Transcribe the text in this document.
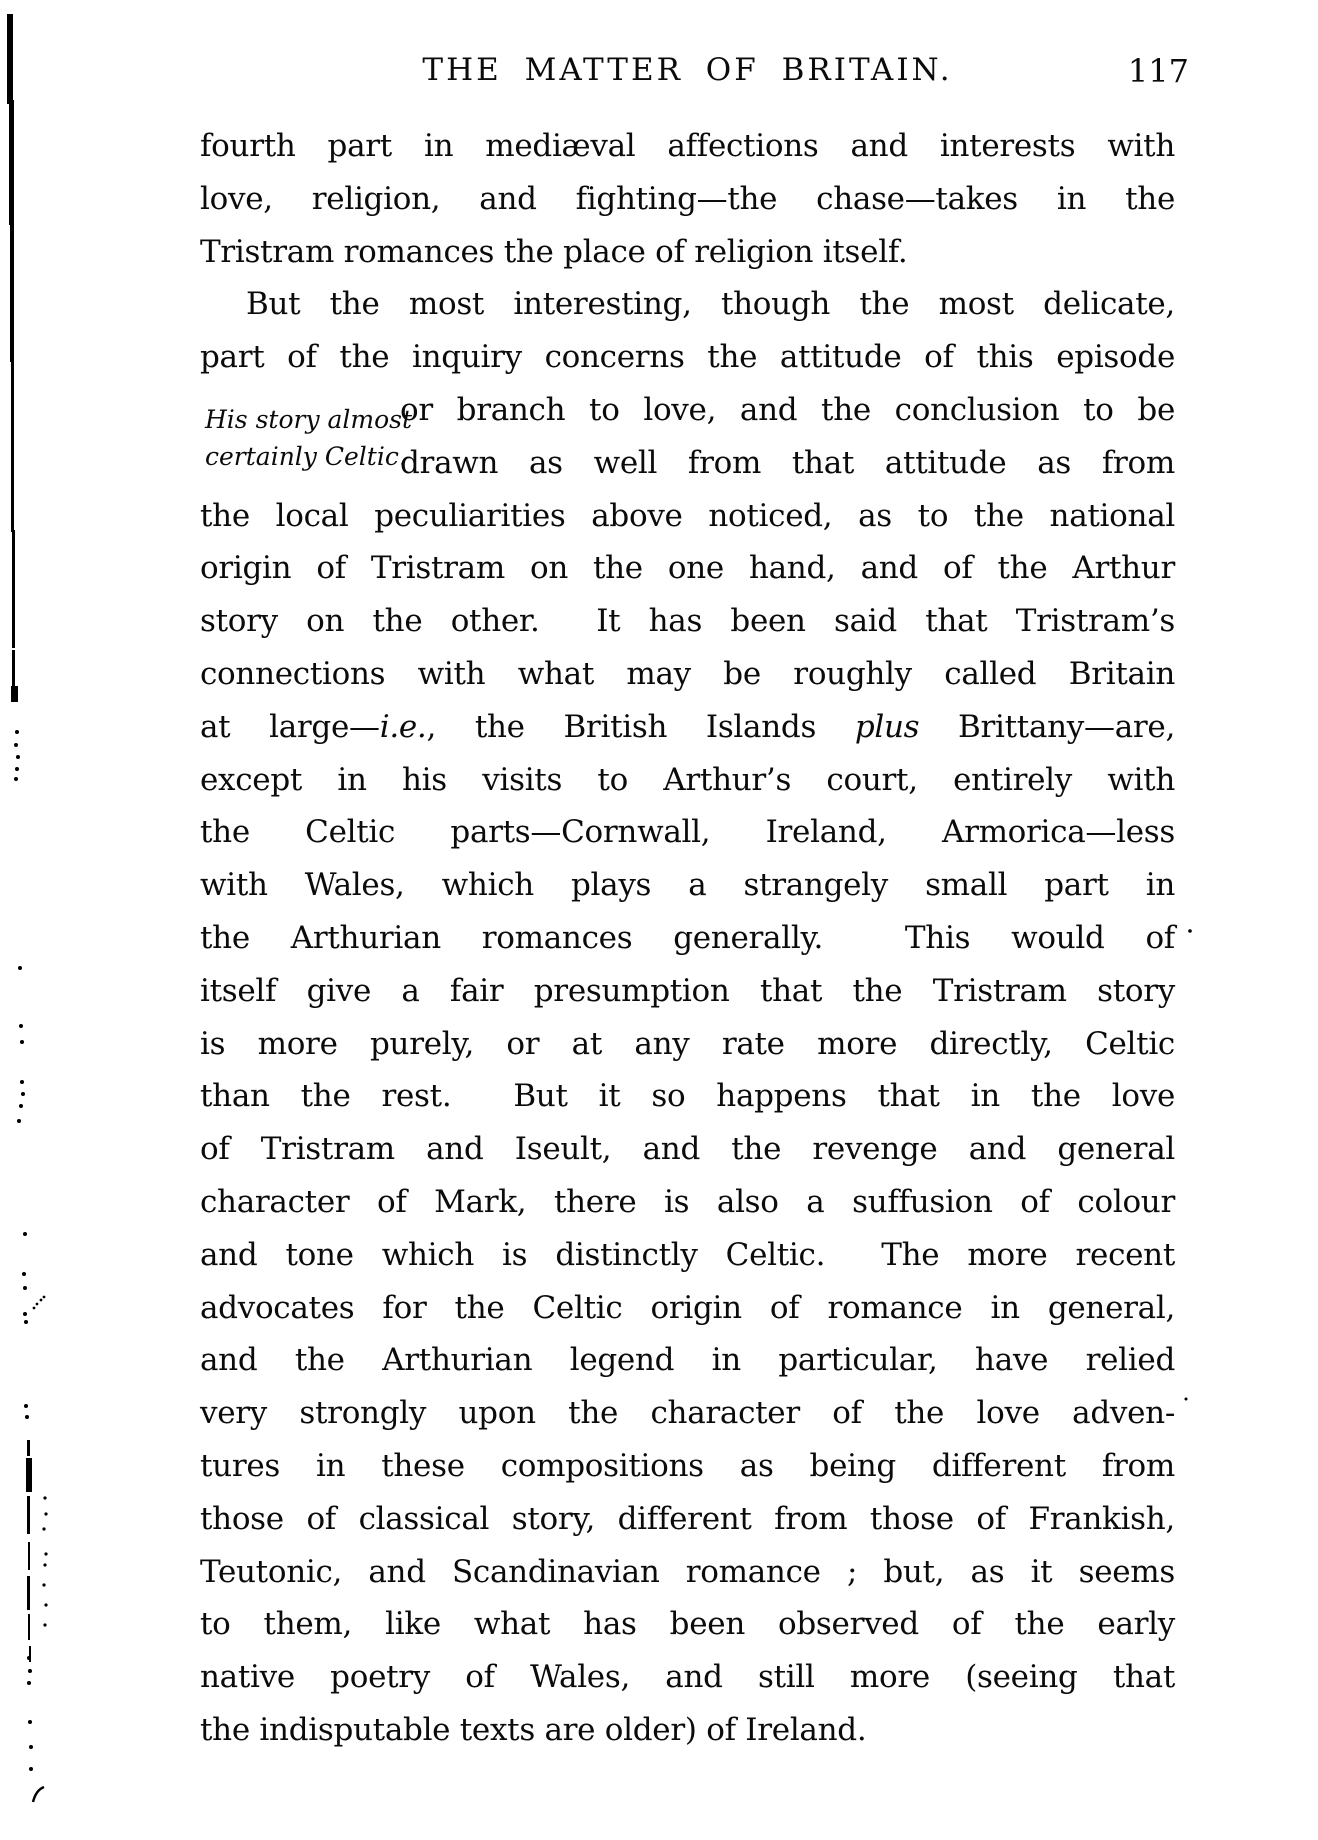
THE MATTER OF BRITAIN.	117
His story almost
certainly Celtic.
fourth part in mediæval affections and interests with
love, religion, and fighting—the chase—takes in the
Tristram romances the place of religion itself.
But the most interesting, though the most delicate,
part of the inquiry concerns the attitude of this episode
or branch to love, and the conclusion to be
drawn as well from that attitude as from
the local peculiarities above noticed, as to the national
origin of Tristram on the one hand, and of the Arthur
story on the other.  It has been said that Tristram’s
connections with what may be roughly called Britain
at large—i.e., the British Islands plus Brittany—are,
except in his visits to Arthur’s court, entirely with
the Celtic parts—Cornwall, Ireland, Armorica—less
with Wales, which plays a strangely small part in
the Arthurian romances generally.  This would of
itself give a fair presumption that the Tristram story
is more purely, or at any rate more directly, Celtic
than the rest.  But it so happens that in the love
of Tristram and Iseult, and the revenge and general
character of Mark, there is also a suffusion of colour
and tone which is distinctly Celtic.  The more recent
advocates for the Celtic origin of romance in general,
and the Arthurian legend in particular, have relied
very strongly upon the character of the love adven-
tures in these compositions as being different from
those of classical story, different from those of Frankish,
Teutonic, and Scandinavian romance ; but, as it seems
to them, like what has been observed of the early
native poetry of Wales, and still more (seeing that
the indisputable texts are older) of Ireland.
